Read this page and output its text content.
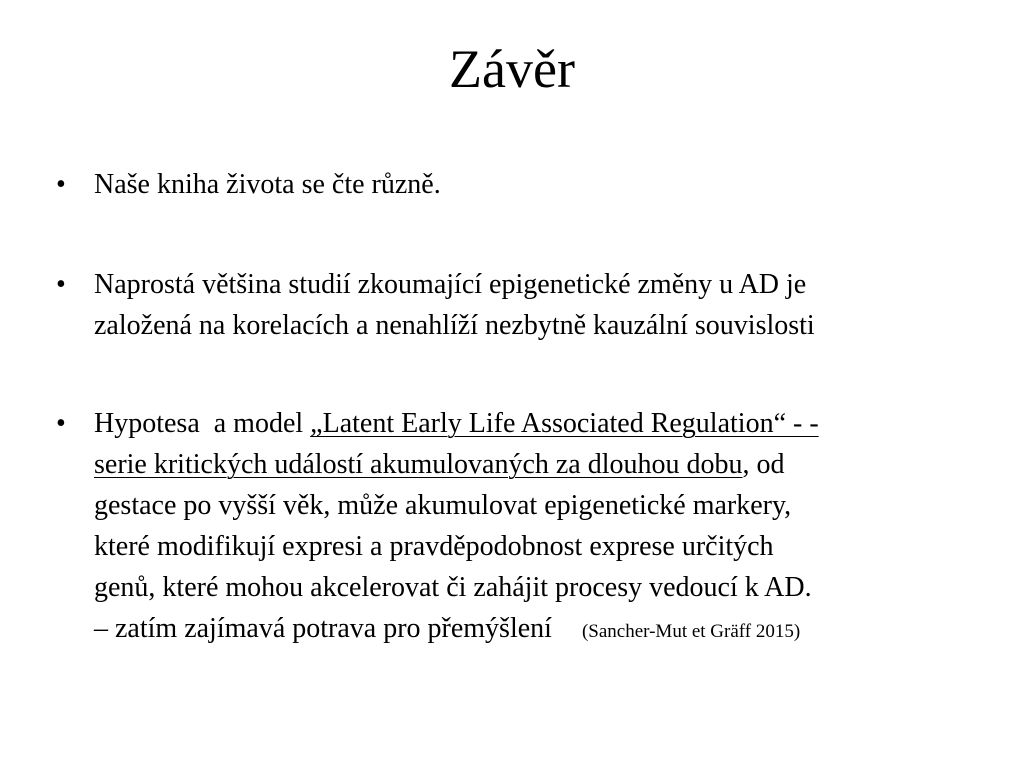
Závěr
•	Naše kniha života se čte různě.
•	Naprostá většina studií zkoumající epigenetické změny u AD je
založená na korelacích a nenahlíží nezbytně kauzální souvislosti
•	Hypotesa  a model „Latent Early Life Associated Regulation“ - -
serie kritických událostí akumulovaných za dlouhou dobu, od
gestace po vyšší věk, může akumulovat epigenetické markery,
které modifikují expresi a pravděpodobnost exprese určitých
genů, které mohou akcelerovat či zahájit procesy vedoucí k AD.
– zatím zajímavá potrava pro přemýšlení (Sancher-Mut et Gräff 2015)
